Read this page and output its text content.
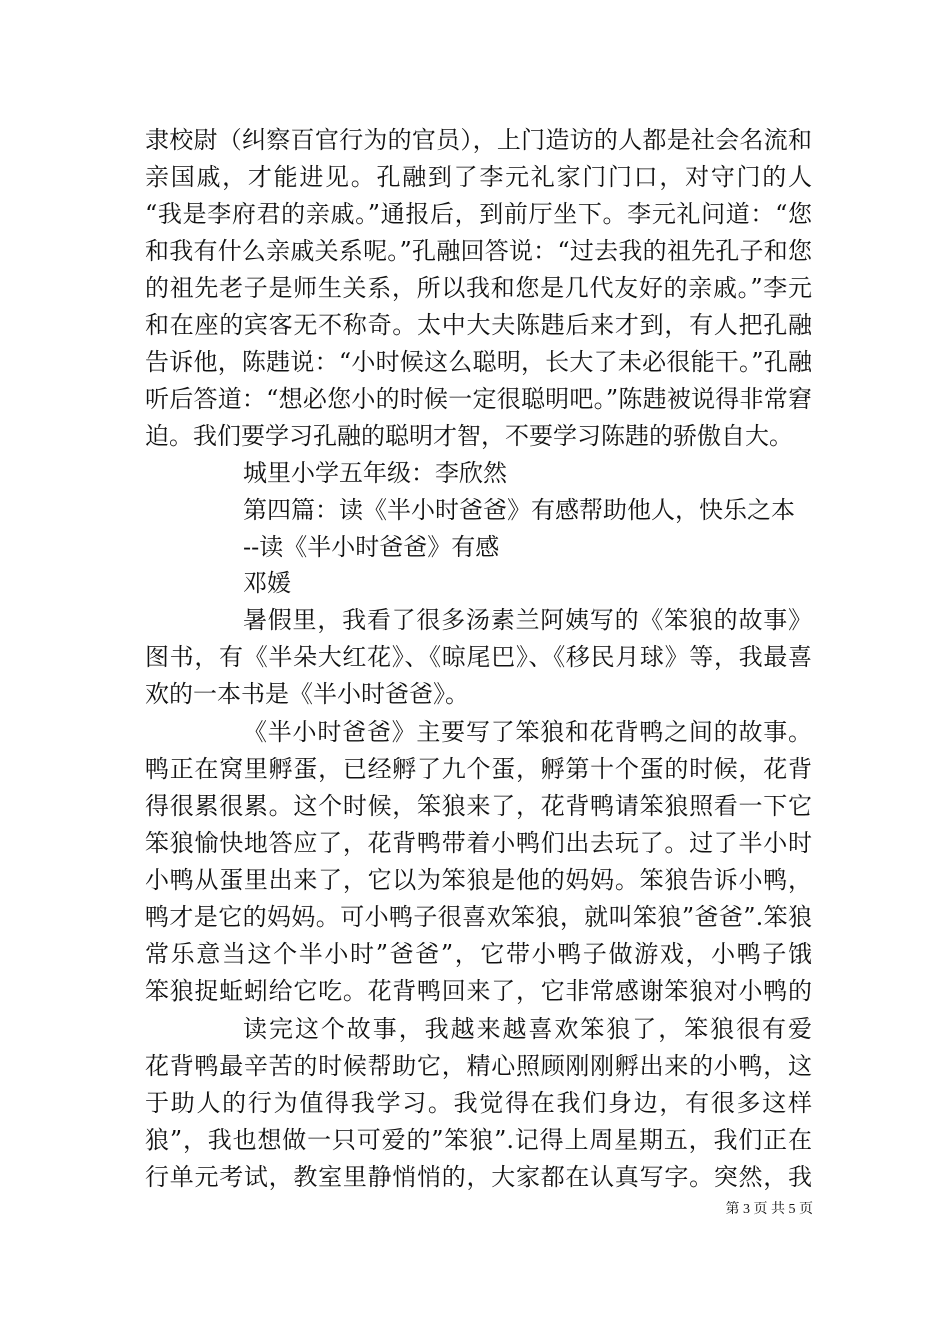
隶校尉（纠察百官行为的官员），上门造访的人都是社会名流和
亲国戚，才能进见。孔融到了李元礼家门门口，对守门的人
“我是李府君的亲戚。”通报后，到前厅坐下。李元礼问道：“您
和我有什么亲戚关系呢。”孔融回答说：“过去我的祖先孔子和您
的祖先老子是师生关系，所以我和您是几代友好的亲戚。”李元
和在座的宾客无不称奇。太中大夫陈韪后来才到，有人把孔融
告诉他，陈韪说：“小时候这么聪明，长大了未必很能干。”孔融
听后答道：“想必您小的时候一定很聪明吧。”陈韪被说得非常窘
迫。我们要学习孔融的聪明才智，不要学习陈韪的骄傲自大。
城里小学五年级：李欣然
第四篇：读《半小时爸爸》有感帮助他人，快乐之本
--读《半小时爸爸》有感
邓媛
暑假里，我看了很多汤素兰阿姨写的《笨狼的故事》
图书，有《半朵大红花》、《晾尾巴》、《移民月球》等，我最喜
欢的一本书是《半小时爸爸》。
《半小时爸爸》主要写了笨狼和花背鸭之间的故事。
鸭正在窝里孵蛋，已经孵了九个蛋，孵第十个蛋的时候，花背
得很累很累。这个时候，笨狼来了，花背鸭请笨狼照看一下它
笨狼愉快地答应了，花背鸭带着小鸭们出去玩了。过了半小时
小鸭从蛋里出来了，它以为笨狼是他的妈妈。笨狼告诉小鸭，
鸭才是它的妈妈。可小鸭子很喜欢笨狼，就叫笨狼”爸爸”.笨狼
常乐意当这个半小时”爸爸”，它带小鸭子做游戏，小鸭子饿
笨狼捉蚯蚓给它吃。花背鸭回来了，它非常感谢笨狼对小鸭的
读完这个故事，我越来越喜欢笨狼了，笨狼很有爱
花背鸭最辛苦的时候帮助它，精心照顾刚刚孵出来的小鸭，这
于助人的行为值得我学习。我觉得在我们身边，有很多这样
狼”，我也想做一只可爱的”笨狼”.记得上周星期五，我们正在
行单元考试，教室里静悄悄的，大家都在认真写字。突然，我
第 3 页 共 5 页
